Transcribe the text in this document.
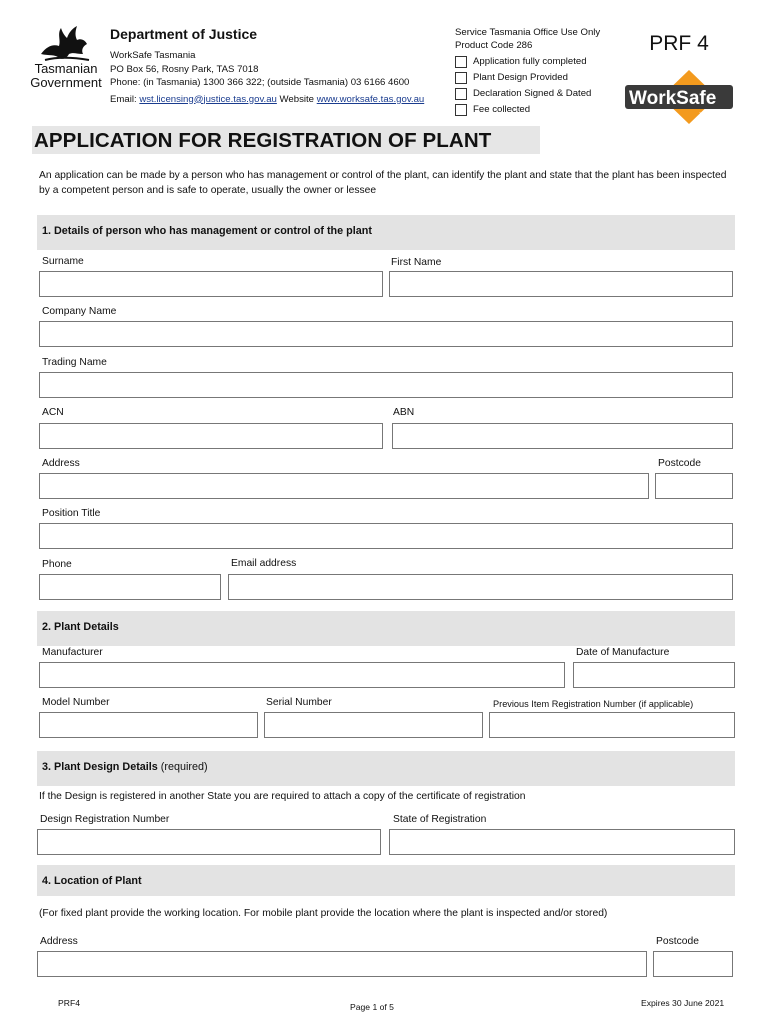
Tasmanian
Government
Department of Justice
WorkSafe Tasmania
PO Box 56, Rosny Park, TAS 7018
Phone: (in Tasmania) 1300 366 322; (outside Tasmania) 03 6166 4600
Email: wst.licensing@justice.tas.gov.au Website www.worksafe.tas.gov.au
Service Tasmania Office Use Only
Product Code 286
Application fully completed
Plant Design Provided
Declaration Signed & Dated
Fee collected
PRF 4
WorkSafe
TASMANIA
APPLICATION FOR REGISTRATION OF PLANT
An application can be made by a person who has management or control of the plant, can identify the plant and state that the plant has been inspected by a competent person and is safe to operate, usually the owner or lessee
1. Details of person who has management or control of the plant
Surname	First Name
Company Name
Trading Name
ACN	ABN
Address	Postcode
Position Title
Phone	Email address
2. Plant Details
Manufacturer	Date of Manufacture
Model Number	Serial Number	Previous Item Registration Number (if applicable)
3. Plant Design Details (required)
If the Design is registered in another State you are required to attach a copy of the certificate of registration
Design Registration Number	State of Registration
4. Location of Plant
(For fixed plant provide the working location. For mobile plant provide the location where the plant is inspected and/or stored)
Address	Postcode
PRF4	Page 1 of 5	Expires 30 June 2021
